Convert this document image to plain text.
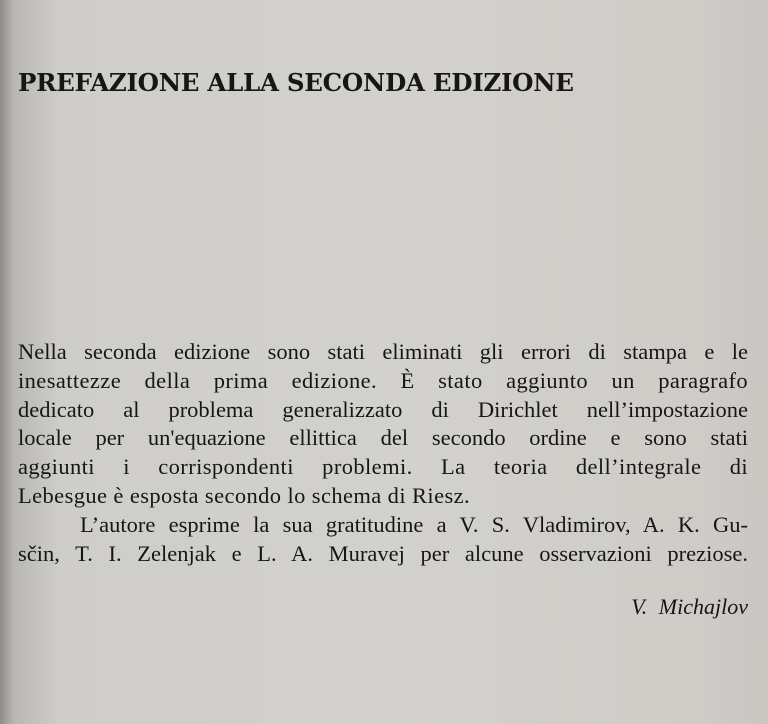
PREFAZIONE ALLA SECONDA EDIZIONE
Nella seconda edizione sono stati eliminati gli errori di stampa e le
inesattezze della prima edizione. È stato aggiunto un paragrafo
dedicato al problema generalizzato di Dirichlet nell’impostazione
locale per un'equazione ellittica del secondo ordine e sono stati
aggiunti i corrispondenti problemi. La teoria dell’integrale di
Lebesgue è esposta secondo lo schema di Riesz.
L’autore esprime la sua gratitudine a V. S. Vladimirov, A. K. Gu-
sčin, T. I. Zelenjak e L. A. Muravej per alcune osservazioni preziose.
V. Michajlov
